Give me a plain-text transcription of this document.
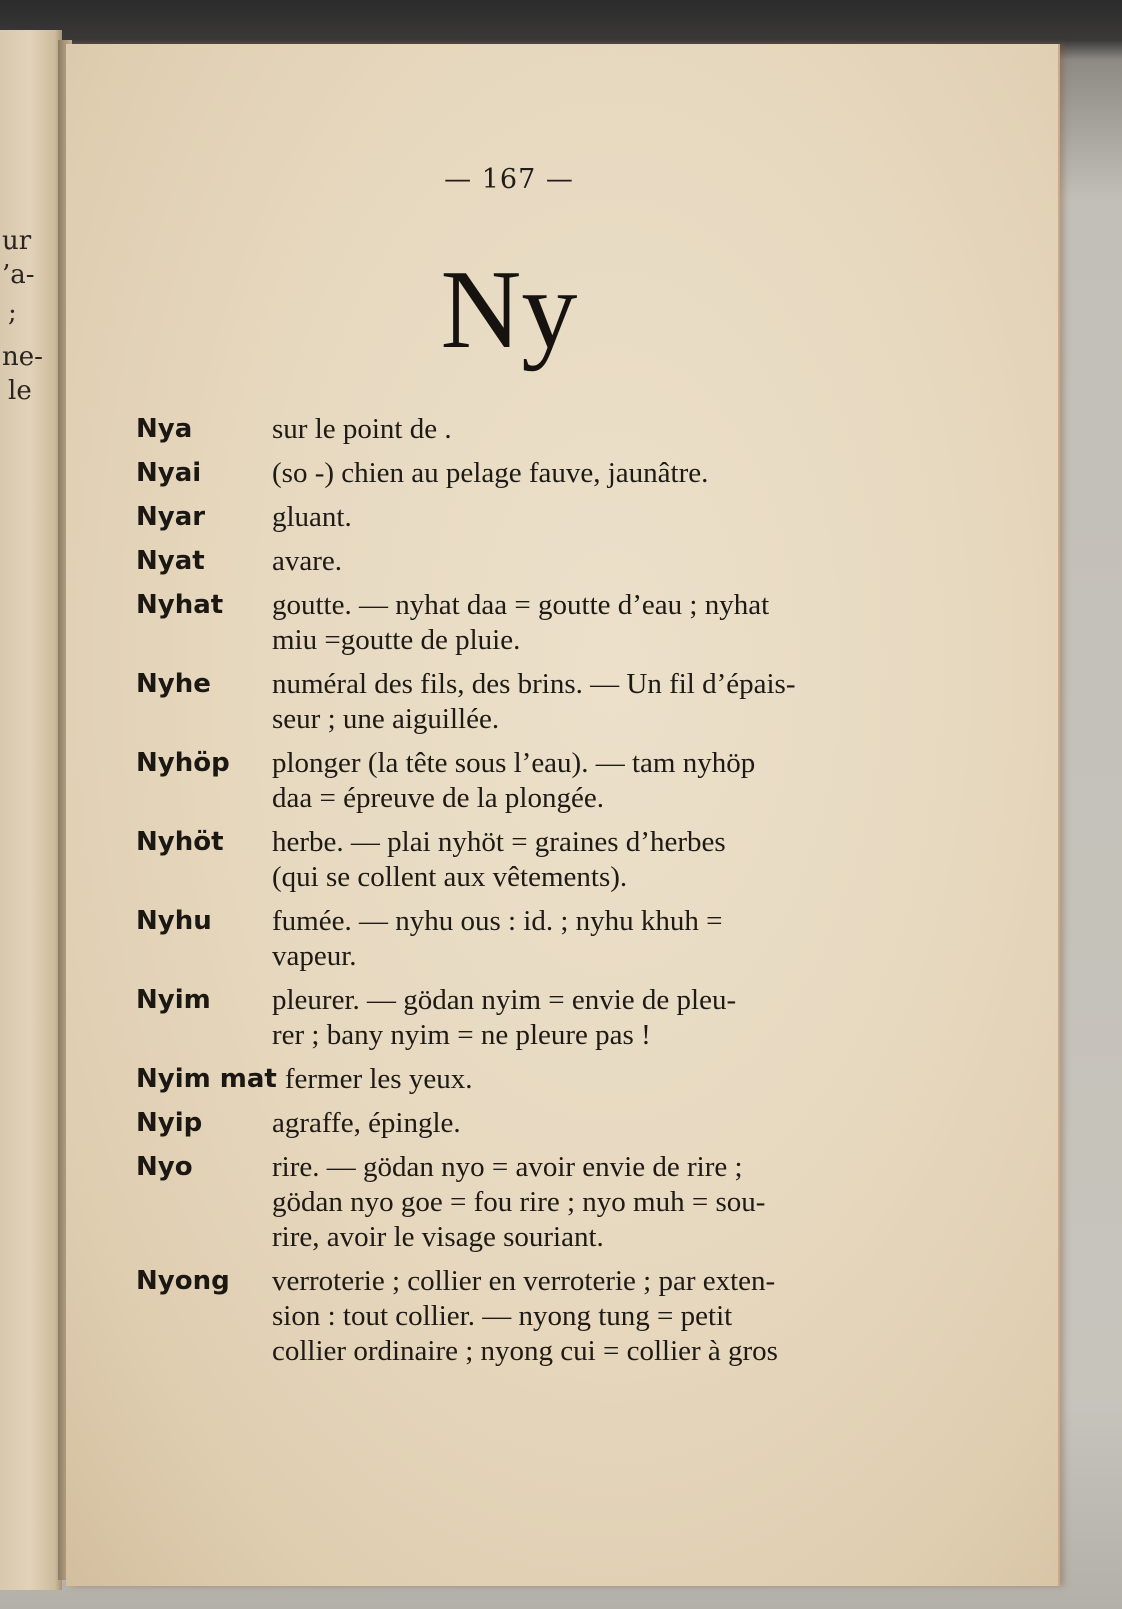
ur
’a-
;
ne-
le
— 167 —
Ny
Nya	sur le point de .
Nyai	(so -) chien au pelage fauve, jaunâtre.
Nyar	gluant.
Nyat	avare.
Nyhat	goutte. — nyhat daa = goutte d’eau ; nyhat
miu =goutte de pluie.
Nyhe	numéral des fils, des brins. — Un fil d’épais-
seur ; une aiguillée.
Nyhöp	plonger (la tête sous l’eau). — tam nyhöp
daa = épreuve de la plongée.
Nyhöt	herbe. — plai nyhöt = graines d’herbes
(qui se collent aux vêtements).
Nyhu	fumée. — nyhu ous : id. ; nyhu khuh =
vapeur.
Nyim	pleurer. — gödan nyim = envie de pleu-
rer ; bany nyim = ne pleure pas !
Nyim mat fermer les yeux.
Nyip	agraffe, épingle.
Nyo	rire. — gödan nyo = avoir envie de rire ;
gödan nyo goe = fou rire ; nyo muh = sou-
rire, avoir le visage souriant.
Nyong	verroterie ; collier en verroterie ; par exten-
sion : tout collier. — nyong tung = petit
collier ordinaire ; nyong cui = collier à gros
